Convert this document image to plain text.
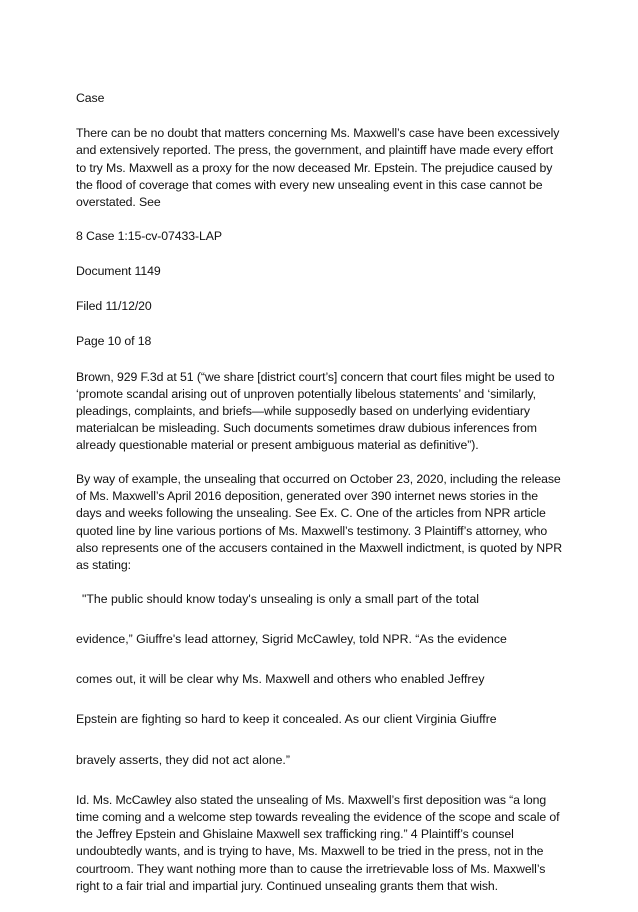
Case

There can be no doubt that matters concerning Ms. Maxwell’s case have been excessively and extensively reported. The press, the government, and plaintiff have made every effort to try Ms. Maxwell as a proxy for the now deceased Mr. Epstein. The prejudice caused by the flood of coverage that comes with every new unsealing event in this case cannot be overstated. See

8 Case 1:15-cv-07433-LAP

Document 1149

Filed 11/12/20

Page 10 of 18

Brown, 929 F.3d at 51 (“we share [district court’s] concern that court files might be used to ‘promote scandal arising out of unproven potentially libelous statements’ and ‘similarly, pleadings, complaints, and briefs—while supposedly based on underlying evidentiary materialcan be misleading. Such documents sometimes draw dubious inferences from already questionable material or present ambiguous material as definitive”).

By way of example, the unsealing that occurred on October 23, 2020, including the release of Ms. Maxwell’s April 2016 deposition, generated over 390 internet news stories in the days and weeks following the unsealing. See Ex. C. One of the articles from NPR article quoted line by line various portions of Ms. Maxwell’s testimony. 3 Plaintiff’s attorney, who also represents one of the accusers contained in the Maxwell indictment, is quoted by NPR as stating:

"The public should know today's unsealing is only a small part of the total

evidence,” Giuffre's lead attorney, Sigrid McCawley, told NPR. “As the evidence

comes out, it will be clear why Ms. Maxwell and others who enabled Jeffrey

Epstein are fighting so hard to keep it concealed. As our client Virginia Giuffre

bravely asserts, they did not act alone.”

Id. Ms. McCawley also stated the unsealing of Ms. Maxwell’s first deposition was “a long time coming and a welcome step towards revealing the evidence of the scope and scale of the Jeffrey Epstein and Ghislaine Maxwell sex trafficking ring.” 4 Plaintiff’s counsel undoubtedly wants, and is trying to have, Ms. Maxwell to be tried in the press, not in the courtroom. They want nothing more than to cause the irretrievable loss of Ms. Maxwell’s right to a fair trial and impartial jury. Continued unsealing grants them that wish.
